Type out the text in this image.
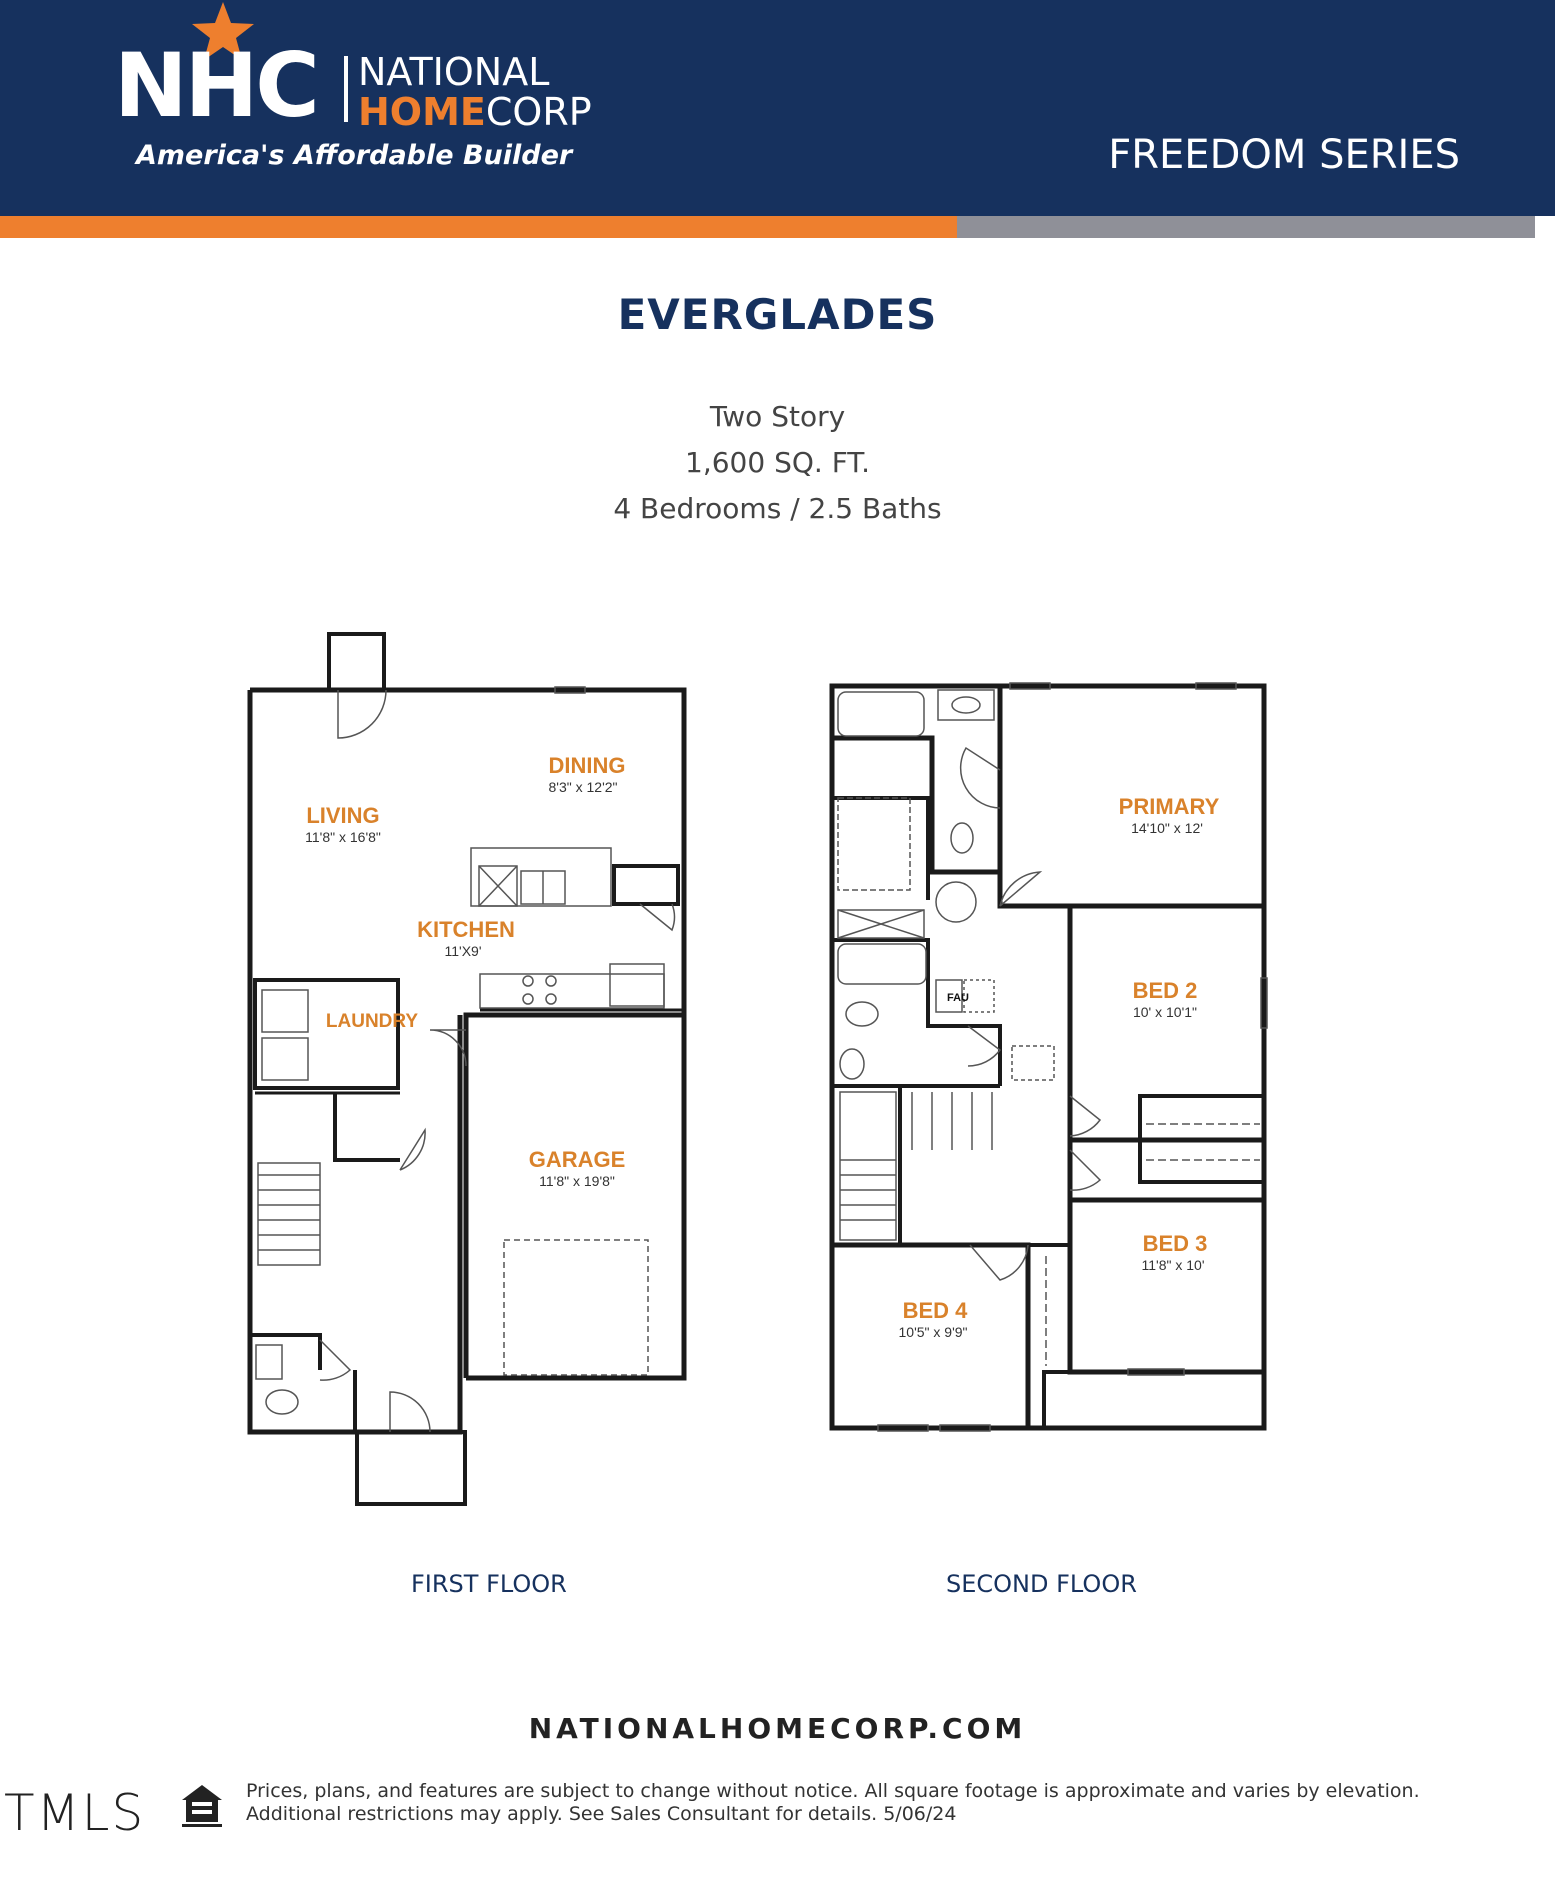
NHC NATIONAL
HOMECORP
America's Affordable Builder	FREEDOM SERIES
EVERGLADES
Two Story
1,600 SQ. FT.
4 Bedrooms / 2.5 Baths
DINING
8'3" x 12'2"
LIVING
11'8" x 16'8"
KITCHEN
11'X9'
LAUNDRY
GARAGE
11'8" x 19'8"
PRIMARY
14'10" x 12'
BED 2
10' x 10'1"
BED 3
11'8" x 10'
BED 4
10'5" x 9'9"
FAU
FIRST FLOOR	SECOND FLOOR
NATIONALHOMECORP.COM
TMLS	Prices, plans, and features are subject to change without notice. All square footage is approximate and varies by elevation.
Additional restrictions may apply. See Sales Consultant for details. 5/06/24
